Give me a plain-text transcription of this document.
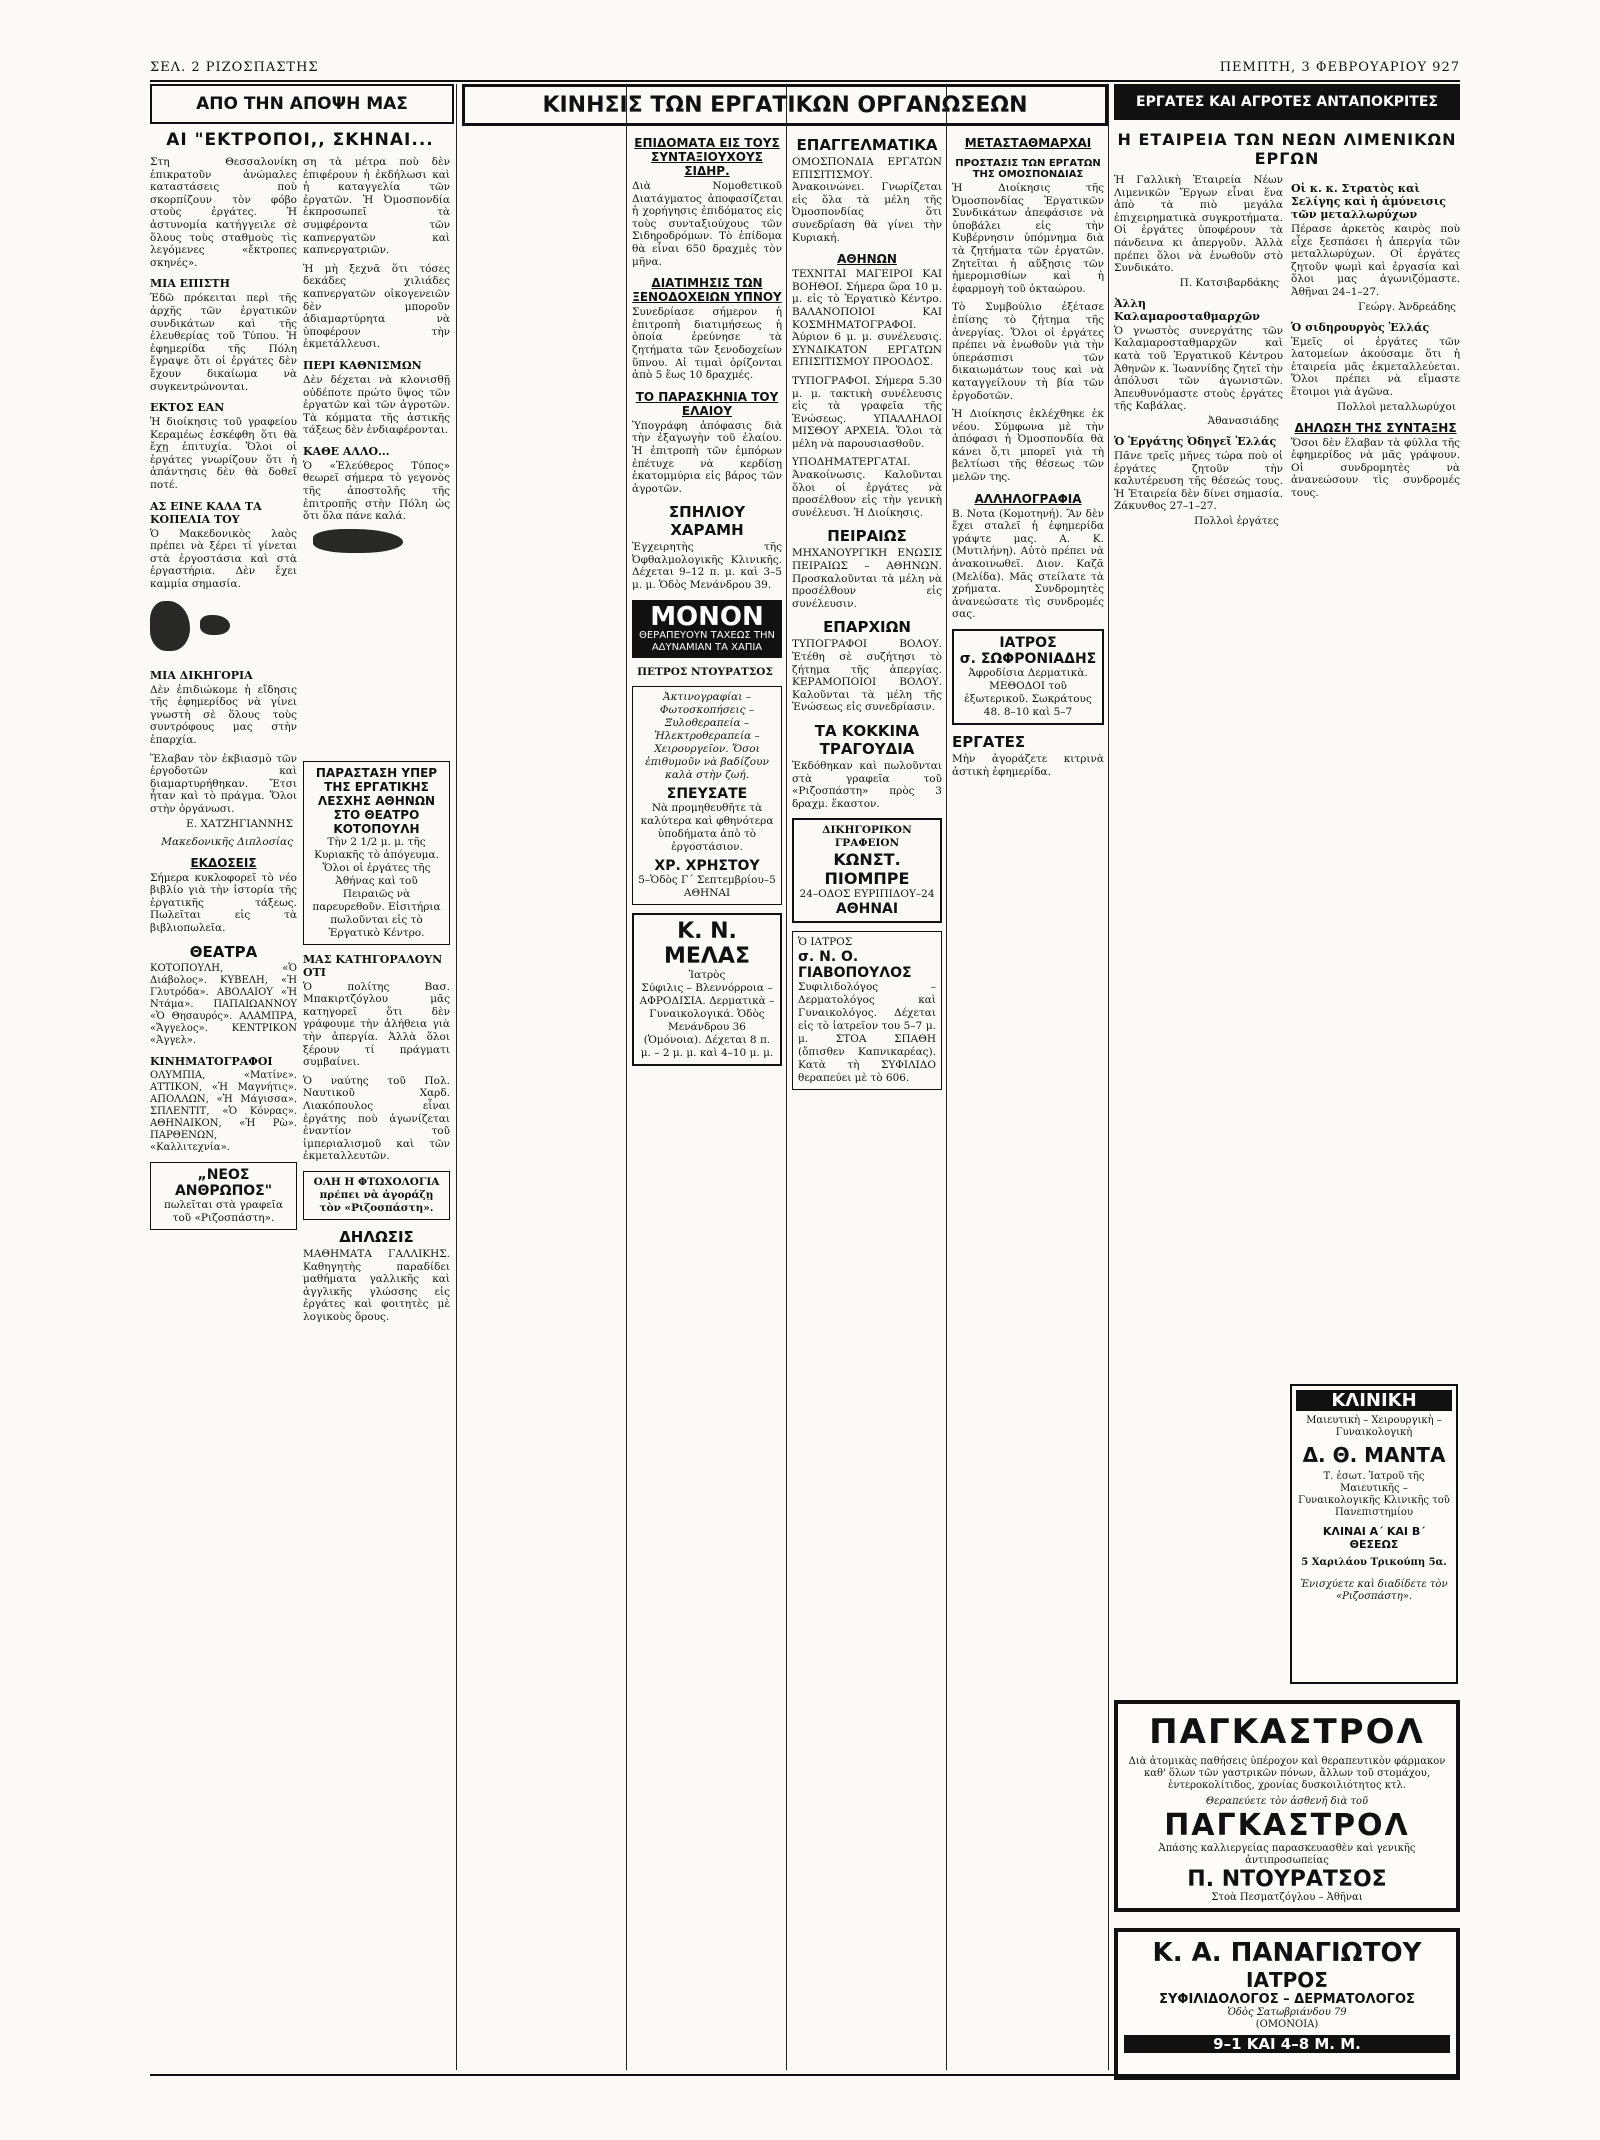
ΣΕΛ. 2 ΡΙΖΟΣΠΑΣΤΗΣ	ΠΕΜΠΤΗ, 3 ΦΕΒΡΟΥΑΡΙΟΥ 927
ΑΠΟ ΤΗΝ ΑΠΟΨΗ ΜΑΣ	ΚΙΝΗΣΙΣ ΤΩΝ ΕΡΓΑΤΙΚΩΝ ΟΡΓΑΝΩΣΕΩΝ	ΕΡΓΑΤΕΣ ΚΑΙ ΑΓΡΟΤΕΣ ΑΝΤΑΠΟΚΡΙΤΕΣ
ΑΙ "ΕΚΤΡΟΠΟΙ,, ΣΚΗΝΑΙ...

Στη Θεσσαλονίκη ἐπικρατοῦν ἀνώμαλες καταστάσεις ποὺ σκορπίζουν τὸν φόβο στοὺς ἐργάτες. Ἡ ἀστυνομία κατήγγειλε σὲ ὅλους τοὺς σταθμοὺς τὶς λεγόμενες «ἔκτροπες σκηνές».

ΜΙΑ ΕΠΙΣΤΗ

Ἐδῶ πρόκειται περὶ τῆς ἀρχῆς τῶν ἐργατικῶν συνδικάτων καὶ τῆς ἐλευθερίας τοῦ Τύπου. Ἡ ἐφημερίδα τῆς Πόλη ἔγραψε ὅτι οἱ ἐργάτες δὲν ἔχουν δικαίωμα νὰ συγκεντρώνονται.

ΕΚΤΟΣ ΕΑΝ

Ἡ διοίκησις τοῦ γραφείου Κεραμέως ἐσκέφθη ὅτι θὰ ἔχῃ ἐπιτυχία. Ὅλοι οἱ ἐργάτες γνωρίζουν ὅτι ἡ ἀπάντησις δὲν θὰ δοθεῖ ποτέ.

ΑΣ ΕΙΝΕ ΚΑΛΑ ΤΑ ΚΟΠΕΛΙΑ ΤΟΥ

Ὁ Μακεδονικὸς λαὸς πρέπει νὰ ξέρει τί γίνεται στὰ ἐργοστάσια καὶ στὰ ἐργαστήρια. Δὲν ἔχει καμμία σημασία.

ΜΙΑ ΔΙΚΗΓΟΡΙΑ

Δὲν ἐπιδιώκομε ἡ εἴδησις τῆς ἐφημερίδος νὰ γίνει γνωστὴ σὲ ὅλους τοὺς συντρόφους μας στὴν ἐπαρχία.

ση τὰ μέτρα ποὺ δὲν ἐπιφέρουν ἡ ἐκδήλωσι καὶ ἡ καταγγελία τῶν ἐργατῶν. Ἡ Ὀμοσπονδία ἐκπροσωπεῖ τὰ συμφέροντα τῶν καπνεργατῶν καὶ καπνεργατριῶν.

Ἡ μὴ ξεχνᾶ ὅτι τόσες δεκάδες χιλιάδες καπνεργατῶν οἰκογενειῶν δὲν μποροῦν ἀδιαμαρτύρητα νὰ ὑποφέρουν τὴν ἐκμετάλλευσι.

ΠΕΡΙ ΚΑΘΝΙΣΜΩΝ

Δὲν δέχεται νὰ κλονισθῇ οὐδέποτε πρώτο ὕψος τῶν ἐργατῶν καὶ τῶν ἀγροτῶν. Τὰ κόμματα τῆς ἀστικῆς τάξεως δὲν ἐνδιαφέρονται.

ΚΑΘΕ ΑΛΛΟ...

Ὁ «Ἐλεύθερος Τύπος» θεωρεῖ σήμερα τὸ γεγονὸς τῆς ἀποστολῆς τῆς ἐπιτροπῆς στὴν Πόλη ὡς ὅτι ὅλα πάνε καλά.

Ἕλαβαν τὸν ἐκβιασμὸ τῶν ἐργοδοτῶν καὶ διαμαρτυρήθηκαν. Ἔτσι ἦταν καὶ τὸ πράγμα. Ὅλοι στὴν ὀργάνωσι.

Ε. ΧΑΤΖΗΓΙΑΝΝΗΣ
Μακεδονικῆς Διπλοσίας
ΕΚΔΟΣΕΙΣ

Σήμερα κυκλοφορεῖ τὸ νέο βιβλίο γιὰ τὴν ἱστορία τῆς ἐργατικῆς τάξεως. Πωλεῖται εἰς τὰ βιβλιοπωλεῖα.

ΘΕΑΤΡΑ

ΚΟΤΟΠΟΥΛΗ, «Ὁ Διάβολος». ΚΥΒΕΛΗ, «Ἡ Γλυτρόδα». ΑΒΟΛΑΙΟΥ «Ἡ Ντάμα». ΠΑΠΑΙΩΑΝΝΟΥ «Ὁ Θησαυρός». ΑΛΑΜΠΡΑ, «Ἄγγελος». ΚΕΝΤΡΙΚΟΝ «Ἀγγελ».

ΚΙΝΗΜΑΤΟΓΡΑΦΟΙ

ΟΛΥΜΠΙΑ, «Ματίνε». ΑΤΤΙΚΟΝ, «Ἡ Μαγνήτις». ΑΠΟΛΛΩΝ, «Ἡ Μάγισσα». ΣΠΛΕΝΤΙΤ, «Ὁ Κόνρας». ΑΘΗΝΑΙΚΟΝ, «Ἡ Ρὼ». ΠΑΡΘΕΝΩΝ, «Καλλιτεχνία».

„ΝΕΟΣ ΑΝΘΡΩΠΟΣ"
πωλεῖται στὰ γραφεῖα τοῦ «Ριζοσπάστη».
ΠΑΡΑΣΤΑΣΗ ΥΠΕΡ ΤΗΣ ΕΡΓΑΤΙΚΗΣ ΛΕΣΧΗΣ ΑΘΗΝΩΝ ΣΤΟ ΘΕΑΤΡΟ ΚΟΤΟΠΟΥΛΗ
Τὴν 2 1/2 μ. μ. τῆς Κυριακῆς τὸ ἀπόγευμα. Ὅλοι οἱ ἐργάτες τῆς Ἀθήνας καὶ τοῦ Πειραιῶς νὰ παρευρεθοῦν. Εἰσιτήρια πωλοῦνται εἰς τὸ Ἐργατικὸ Κέντρο.
ΜΑΣ ΚΑΤΗΓΟΡΑΛΟΥΝ ΟΤΙ

Ὁ πολίτης Βασ. Μπακιρτζόγλου μᾶς κατηγορεῖ ὅτι δὲν γράφουμε τὴν ἀλήθεια γιὰ τὴν ἀπεργία. Ἀλλὰ ὅλοι ξέρουν τί πράγματι συμβαίνει.

Ὁ ναύτης τοῦ Πολ. Ναυτικοῦ Χαρδ. Λιακόπουλος εἶναι ἐργάτης ποὺ ἀγωνίζεται ἐναντίον τοῦ ἰμπεριαλισμοῦ καὶ τῶν ἐκμεταλλευτῶν.

ΟΛΗ Η ΦΤΩΧΟΛΟΓΙΑ πρέπει νὰ ἀγοράζῃ τὸν «Ριζοσπάστη».
ΔΗΛΩΣΙΣ

ΜΑΘΗΜΑΤΑ ΓΑΛΛΙΚΗΣ. Καθηγητὴς παραδίδει μαθήματα γαλλικῆς καὶ ἀγγλικῆς γλώσσης εἰς ἐργάτες καὶ φοιτητὲς μὲ λογικοὺς ὅρους.

ΕΠΙΔΟΜΑΤΑ ΕΙΣ ΤΟΥΣ ΣΥΝΤΑΞΙΟΥΧΟΥΣ ΣΙΔΗΡ.

Διὰ Νομοθετικοῦ Διατάγματος ἀποφασίζεται ἡ χορήγησις ἐπιδόματος εἰς τοὺς συνταξιούχους τῶν Σιδηροδρόμων. Τὸ ἐπίδομα θὰ εἶναι 650 δραχμὲς τὸν μῆνα.

ΔΙΑΤΙΜΗΣΙΣ ΤΩΝ ΞΕΝΟΔΟΧΕΙΩΝ ΥΠΝΟΥ

Συνεδρίασε σήμερον ἡ ἐπιτροπὴ διατιμήσεως ἡ ὁποία ἐρεύνησε τὰ ζητήματα τῶν ξενοδοχείων ὕπνου. Αἱ τιμαὶ ὁρίζονται ἀπὸ 5 ἕως 10 δραχμές.

ΤΟ ΠΑΡΑΣΚΗΝΙΑ ΤΟΥ ΕΛΑΙΟΥ

Ὑπογράφη ἀπόφασις διὰ τὴν ἐξαγωγὴν τοῦ ἐλαίου. Ἡ ἐπιτροπὴ τῶν ἐμπόρων ἐπέτυχε νὰ κερδίσῃ ἑκατομμύρια εἰς βάρος τῶν ἀγροτῶν.

ΣΠΗΛΙΟΥ ΧΑΡΑΜΗ

Ἐγχειρητὴς τῆς Ὀφθαλμολογικῆς Κλινικῆς. Δέχεται 9–12 π. μ. καὶ 3–5 μ. μ. Ὁδὸς Μενάνδρου 39.

ΜΟΝΟΝ
ΘΕΡΑΠΕΥΟΥΝ ΤΑΧΕΩΣ ΤΗΝ ΑΔΥΝΑΜΙΑΝ ΤΑ ΧΑΠΙΑ
ΠΕΤΡΟΣ ΝΤΟΥΡΑΤΣΟΣ
Ἀκτινογραφίαι – Φωτοσκοπήσεις – Ξυλοθεραπεία – Ἠλεκτροθεραπεία – Χειρουργεῖον. Ὅσοι ἐπιθυμοῦν νὰ βαδίζουν καλὰ στὴν ζωή.
ΣΠΕΥΣΑΤΕ
Νὰ προμηθευθῆτε τὰ καλύτερα καὶ φθηνότερα ὑποδήματα ἀπὸ τὸ ἐργοστάσιον.
ΧΡ. ΧΡΗΣΤΟΥ
5–Ὁδὸς Γ΄ Σεπτεμβρίου–5 ΑΘΗΝΑΙ
Κ. Ν. ΜΕΛΑΣ
Ἰατρὸς
Σύφιλις – Βλεννόρροια – ΑΦΡΟΔΙΣΙΑ. Δερματικὰ – Γυναικολογικά. Ὁδὸς Μενάνδρου 36 (Ὁμόνοια). Δέχεται 8 π. μ. – 2 μ. μ. καὶ 4–10 μ. μ.
ΕΠΑΓΓΕΛΜΑΤΙΚΑ

ΟΜΟΣΠΟΝΔΙΑ ΕΡΓΑΤΩΝ ΕΠΙΣΙΤΙΣΜΟΥ. Ἀνακοινώνει. Γνωρίζεται εἰς ὅλα τὰ μέλη τῆς Ὀμοσπονδίας ὅτι συνεδρίαση θὰ γίνει τὴν Κυριακή.

ΑΘΗΝΩΝ

ΤΕΧΝΙΤΑΙ ΜΑΓΕΙΡΟΙ ΚΑΙ ΒΟΗΘΟΙ. Σήμερα ὥρα 10 μ. μ. εἰς τὸ Ἐργατικὸ Κέντρο. ΒΑΛΑΝΟΠΟΙΟΙ ΚΑΙ ΚΟΣΜΗΜΑΤΟΓΡΑΦΟΙ. Ἀύριον 6 μ. μ. συνέλευσις. ΣΥΝΔΙΚΑΤΟΝ ΕΡΓΑΤΩΝ ΕΠΙΣΙΤΙΣΜΟΥ ΠΡΟΟΔΟΣ.

ΤΥΠΟΓΡΑΦΟΙ. Σήμερα 5.30 μ. μ. τακτικὴ συνέλευσις εἰς τὰ γραφεῖα τῆς Ἑνώσεως. ΥΠΑΛΛΗΛΟΙ ΜΙΣΘΟΥ ΑΡΧΕΙΑ. Ὅλοι τὰ μέλη νὰ παρουσιασθοῦν.

ΥΠΟΔΗΜΑΤΕΡΓΑΤΑΙ. Ἀνακοίνωσις. Καλοῦνται ὅλοι οἱ ἐργάτες νὰ προσέλθουν εἰς τὴν γενικὴ συνέλευσι. Ἡ Διοίκησις.

ΠΕΙΡΑΙΩΣ

ΜΗΧΑΝΟΥΡΓΙΚΗ ΕΝΩΣΙΣ ΠΕΙΡΑΙΩΣ – ΑΘΗΝΩΝ. Προσκαλοῦνται τὰ μέλη νὰ προσέλθουν εἰς συνέλευσιν.

ΕΠΑΡΧΙΩΝ

ΤΥΠΟΓΡΑΦΟΙ ΒΟΛΟΥ. Ἐτέθη σὲ συζήτησι τὸ ζήτημα τῆς ἀπεργίας. ΚΕΡΑΜΟΠΟΙΟΙ ΒΟΛΟΥ. Καλοῦνται τὰ μέλη τῆς Ἑνώσεως εἰς συνεδρίασιν.

ΤΑ ΚΟΚΚΙΝΑ ΤΡΑΓΟΥΔΙΑ

Ἐκδόθηκαν καὶ πωλοῦνται στὰ γραφεῖα τοῦ «Ριζοσπάστη» πρὸς 3 δραχμ. ἕκαστον.

ΔΙΚΗΓΟΡΙΚΟΝ ΓΡΑΦΕΙΟΝ
ΚΩΝΣΤ. ΠΙΟΜΠΡΕ
24–ΟΔΟΣ ΕΥΡΙΠΙΔΟΥ–24
ΑΘΗΝΑΙ
Ὁ ΙΑΤΡΟΣ
σ. Ν. Ο. ΓΙΑΒΟΠΟΥΛΟΣ
Συφιλιδολόγος – Δερματολόγος καὶ Γυναικολόγος. Δέχεται εἰς τὸ ἰατρεῖον του 5–7 μ. μ. ΣΤΟΑ ΣΠΑΘΗ (ὄπισθεν Καπνικαρέας). Κατὰ τὴ ΣΥΦΙΛΙΔΟ θεραπεύει μὲ τὸ 606.
ΜΕΤΑΣΤΑΘΜΑΡΧΑΙ
ΠΡΟΣΤΑΣΙΣ ΤΩΝ ΕΡΓΑΤΩΝ ΤΗΣ ΟΜΟΣΠΟΝΔΙΑΣ

Ἡ Διοίκησις τῆς Ὀμοσπονδίας Ἐργατικῶν Συνδικάτων ἀπεφάσισε νὰ ὑποβάλει εἰς τὴν Κυβέρνησιν ὑπόμνημα διὰ τὰ ζητήματα τῶν ἐργατῶν. Ζητεῖται ἡ αὔξησις τῶν ἡμερομισθίων καὶ ἡ ἐφαρμογὴ τοῦ ὀκταώρου.

Τὸ Συμβούλιο ἐξέτασε ἐπίσης τὸ ζήτημα τῆς ἀνεργίας. Ὅλοι οἱ ἐργάτες πρέπει νὰ ἑνωθοῦν γιὰ τὴν ὑπεράσπισι τῶν δικαιωμάτων τους καὶ νὰ καταγγείλουν τὴ βία τῶν ἐργοδοτῶν.

Ἡ Διοίκησις ἐκλέχθηκε ἐκ νέου. Σύμφωνα μὲ τὴν ἀπόφασι ἡ Ὀμοσπονδία θὰ κάνει ὅ,τι μπορεῖ γιὰ τὴ βελτίωσι τῆς θέσεως τῶν μελῶν της.

ΑΛΛΗΛΟΓΡΑΦΙΑ

Β. Νοτα (Κομοτηνή). Ἂν δὲν ἔχει σταλεῖ ἡ ἐφημερίδα γράψτε μας. Α. Κ. (Μυτιλήνη). Αὐτὸ πρέπει νὰ ἀνακοινωθεῖ. Διον. Καζᾶ (Μελίδα). Μᾶς στείλατε τὰ χρήματα. Συνδρομητὲς ἀνανεώσατε τὶς συνδρομές σας.

ΙΑΤΡΟΣ
σ. ΣΩΦΡΟΝΙΑΔΗΣ
Ἀφροδίσια Δερματικὰ. ΜΕΘΟΔΟΙ τοῦ ἐξωτερικοῦ. Σωκράτους 48. 8–10 καὶ 5–7
ΕΡΓΑΤΕΣ

Μὴν ἀγοράζετε κιτρινὰ ἀστικὴ ἐφημερίδα.

Η ΕΤΑΙΡΕΙΑ ΤΩΝ ΝΕΩΝ ΛΙΜΕΝΙΚΩΝ ΕΡΓΩΝ

Ἡ Γαλλικὴ Ἑταιρεία Νέων Λιμενικῶν Ἔργων εἶναι ἕνα ἀπὸ τὰ πιὸ μεγάλα ἐπιχειρηματικὰ συγκροτήματα. Οἱ ἐργάτες ὑποφέρουν τὰ πάνδεινα κι ἀπεργοῦν. Ἀλλὰ πρέπει ὅλοι νὰ ἑνωθοῦν στὸ Συνδικάτο.

Π. Κατσιβαρδάκης
Ἀλλη Καλαμαροσταθμαρχῶν

Ὁ γνωστὸς συνεργάτης τῶν Καλαμαροσταθμαρχῶν καὶ κατὰ τοῦ Ἐργατικοῦ Κέντρου Ἀθηνῶν κ. Ἰωαννίδης ζητεῖ τὴν ἀπόλυσι τῶν ἀγωνιστῶν. Ἀπευθυνόμαστε στοὺς ἐργάτες τῆς Καβάλας.

Ἀθανασιάδης
Ὁ Ἐργάτης Ὀδηγεῖ Ἐλλάς

Πᾶνε τρεῖς μῆνες τώρα ποὺ οἱ ἐργάτες ζητοῦν τὴν καλυτέρευση τῆς θέσεώς τους. Ἡ Ἑταιρεία δὲν δίνει σημασία. Ζάκυνθος 27–1–27.

Πολλοὶ ἐργάτες
Οἱ κ. κ. Στρατὸς καὶ Σελίγης καὶ ἡ ἀμύνεισις τῶν μεταλλωρύχων

Πέρασε ἀρκετὸς καιρὸς ποὺ εἶχε ξεσπάσει ἡ ἀπεργία τῶν μεταλλωρύχων. Οἱ ἐργάτες ζητοῦν ψωμὶ καὶ ἐργασία καὶ ὅλοι μας ἀγωνιζόμαστε. Ἀθῆναι 24–1–27.

Γεώργ. Ἀνδρεάδης
Ὁ σιδηρουργὸς Ἑλλάς

Ἐμεῖς οἱ ἐργάτες τῶν λατομείων ἀκούσαμε ὅτι ἡ ἐταιρεία μᾶς ἐκμεταλλεύεται. Ὅλοι πρέπει νὰ εἴμαστε ἕτοιμοι γιὰ ἀγῶνα.

Πολλοὶ μεταλλωρύχοι
ΔΗΛΩΣΗ ΤΗΣ ΣΥΝΤΑΞΗΣ

Ὅσοι δὲν ἔλαβαν τὰ φύλλα τῆς ἐφημερίδος νὰ μᾶς γράψουν. Οἱ συνδρομητὲς νὰ ἀνανεώσουν τὶς συνδρομές τους.

ΚΛΙΝΙΚΗ
Μαιευτικὴ – Χειρουργικὴ – Γυναικολογικὴ
Δ. Θ. ΜΑΝΤΑ
Τ. ἐσωτ. Ἰατροῦ τῆς Μαιευτικῆς – Γυναικολογικῆς Κλινικῆς τοῦ Πανεπιστημίου
ΚΛΙΝΑΙ Α΄ ΚΑΙ Β΄ ΘΕΣΕΩΣ
5 Χαριλάου Τρικούπη 5α.
Ἐνισχύετε καὶ διαδίδετε τὸν «Ριζοσπάστη».
ΠΑΓΚΑΣΤΡΟΛ
Διὰ ἀτομικὰς παθήσεις ὑπέροχον καὶ θεραπευτικὸν φάρμακον καθ' ὅλων τῶν γαστρικῶν πόνων, ἄλλων τοῦ στομάχου, ἐντεροκολίτιδος, χρονίας δυσκοιλιότητος κτλ.
Θεραπεύετε τὸν ἀσθενῆ διὰ τοῦ
ΠΑΓΚΑΣΤΡΟΛ
Ἀπάσης καλλιεργείας παρασκευασθὲν καὶ γενικῆς ἀντιπροσωπείας
Π. ΝΤΟΥΡΑΤΣΟΣ
Στοὰ Πεσματζόγλου – Ἀθῆναι
Κ. Α. ΠΑΝΑΓΙΩΤΟΥ
ΙΑΤΡΟΣ
ΣΥΦΙΛΙΔΟΛΟΓΟΣ – ΔΕΡΜΑΤΟΛΟΓΟΣ
Ὁδὸς Σατωβριάνδου 79
(ΟΜΟΝΟΙΑ)
9–1 ΚΑΙ 4–8 Μ. Μ.
